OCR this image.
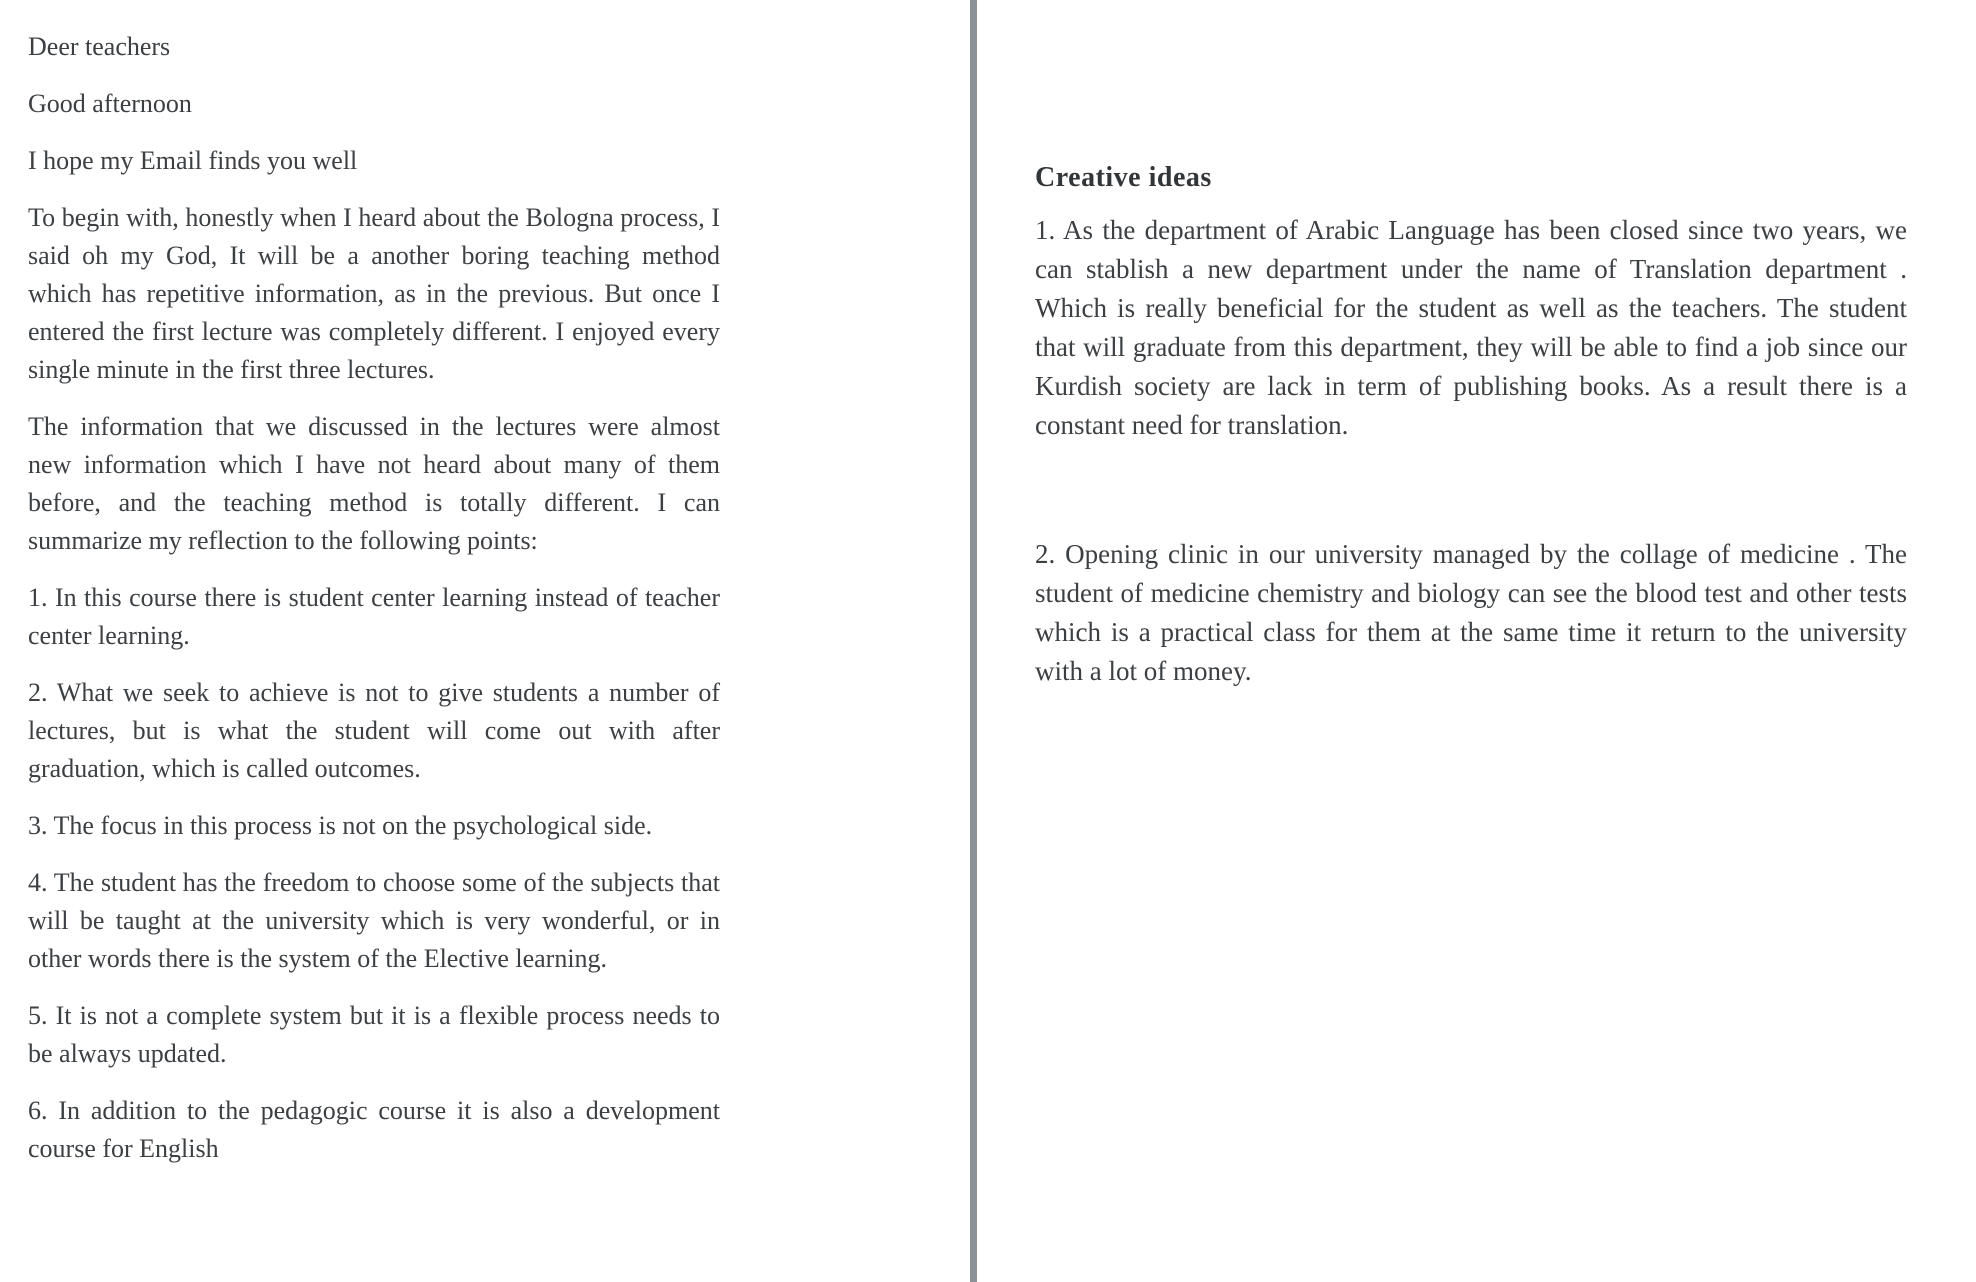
Deer teachers

Good afternoon

I hope my Email finds you well

To begin with, honestly when I heard about the Bologna process, I said oh my God, It will be a another boring teaching method which has repetitive information, as in the previous. But once I entered the first lecture was completely different. I enjoyed every single minute in the first three lectures.

The information that we discussed in the lectures were almost new information which I have not heard about many of them before, and the teaching method is totally different. I can summarize my reflection to the following points:

1. In this course there is student center learning instead of teacher center learning.

2. What we seek to achieve is not to give students a number of lectures, but is what the student will come out with after graduation, which is called outcomes.

3. The focus in this process is not on the psychological side.

4. The student has the freedom to choose some of the subjects that will be taught at the university which is very wonderful, or in other words there is the system of the Elective learning.

5. It is not a complete system but it is a flexible process needs to be always updated.

6. In addition to the pedagogic course it is also a development course for English

Creative ideas

1. As the department of Arabic Language has been closed since two years, we can stablish a new department under the name of Translation department . Which is really beneficial for the student as well as the teachers. The student that will graduate from this department, they will be able to find a job since our Kurdish society are lack in term of publishing books. As a result there is a constant need for translation.

2. Opening clinic in our university managed by the collage of medicine . The student of medicine chemistry and biology can see the blood test and other tests which is a practical class for them at the same time it return to the university with a lot of money.
